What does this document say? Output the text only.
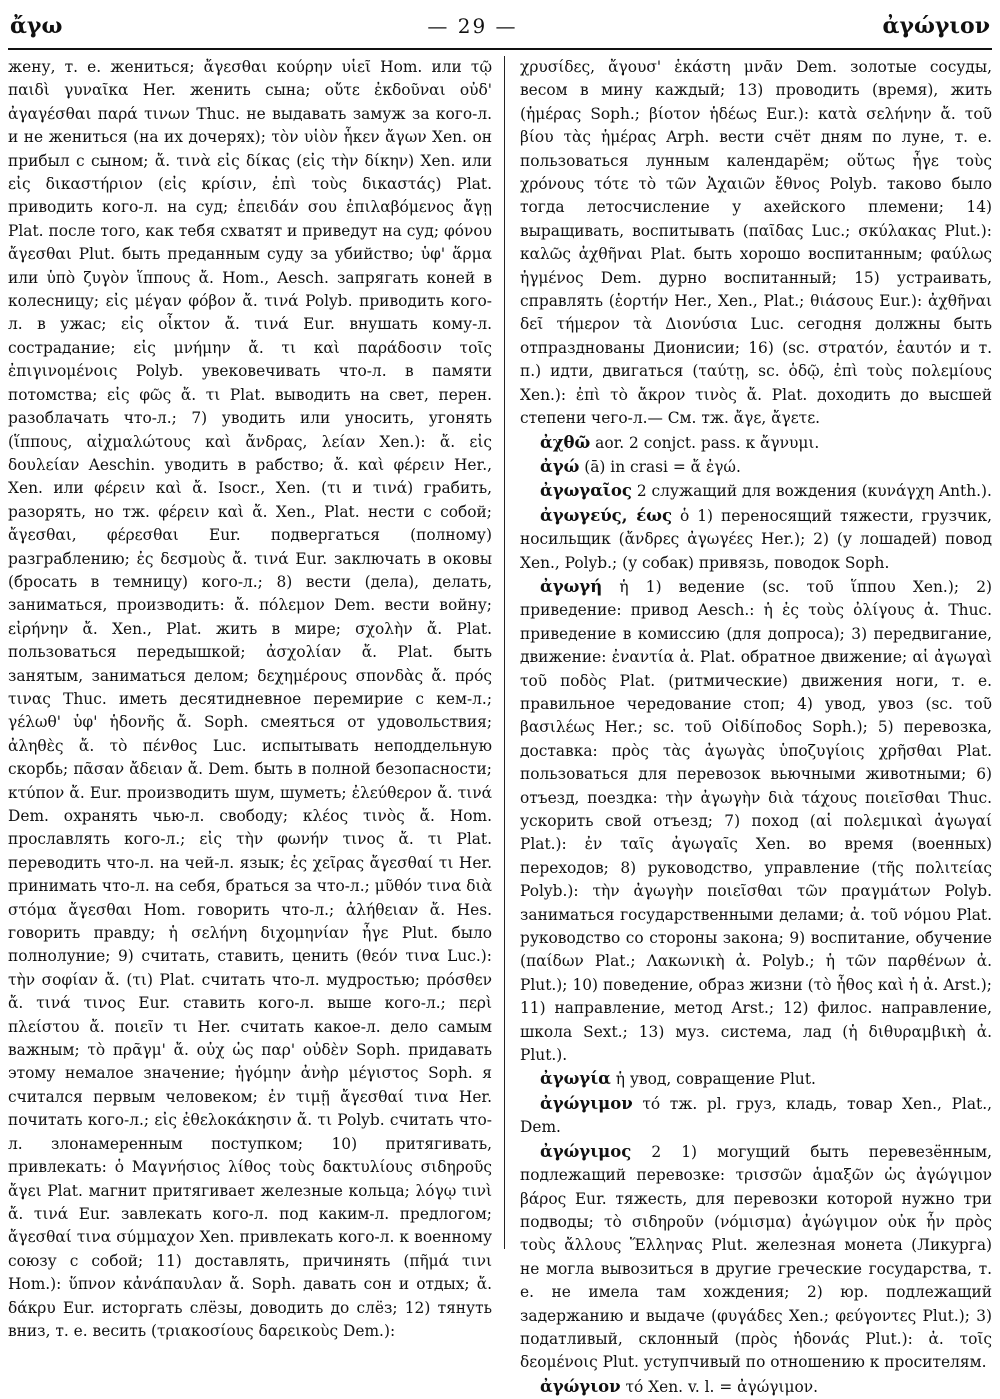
ἄγω	— 29 —	ἀγώγιον

жену, т. е. жениться; ἄγεσθαι κούρην υἱεῖ Hom. или τῷ παιδὶ γυναῖκα Her. женить сына; οὔτε ἐκδοῦναι οὐδ' ἀγαγέσθαι παρά τινων Thuc. не выдавать замуж за кого-л. и не жениться (на их дочерях); τὸν υἱὸν ἧκεν ἄγων Xen. он прибыл с сыном; ἄ. τινὰ εἰς δίκας (εἰς τὴν δίκην) Xen. или εἰς δικαστήριον (εἰς κρίσιν, ἐπὶ τοὺς δικαστάς) Plat. приводить кого-л. на суд; ἐπειδάν σου ἐπιλαβόμενος ἄγῃ Plat. после того, как тебя схватят и приведут на суд; φόνου ἄγεσθαι Plut. быть преданным суду за убийство; ὑφ' ἅρμα или ὑπὸ ζυγὸν ἵππους ἄ. Hom., Aesch. запрягать коней в колесницу; εἰς μέγαν φόβον ἄ. τινά Polyb. приводить кого-л. в ужас; εἰς οἶκτον ἄ. τινά Eur. внушать кому-л. сострадание; εἰς μνήμην ἄ. τι καὶ παράδοσιν τοῖς ἐπιγινομένοις Polyb. увековечивать что-л. в памяти потомства; εἰς φῶς ἄ. τι Plat. выводить на свет, перен. разоблачать что-л.; 7) уводить или уносить, угонять (ἵππους, αἰχμαλώτους καὶ ἄνδρας, λείαν Xen.): ἄ. εἰς δουλείαν Aeschin. уводить в рабство; ἄ. καὶ φέρειν Her., Xen. или φέρειν καὶ ἄ. Isocr., Xen. (τι и τινά) грабить, разорять, но тж. φέρειν καὶ ἄ. Xen., Plat. нести с собой; ἄγεσθαι, φέρεσθαι Eur. подвергаться (полному) разграблению; ἐς δεσμοὺς ἄ. τινά Eur. заключать в оковы (бросать в темницу) кого-л.; 8) вести (дела), делать, заниматься, производить: ἄ. πόλεμον Dem. вести войну; εἰρήνην ἄ. Xen., Plat. жить в мире; σχολὴν ἄ. Plat. пользоваться передышкой; ἀσχολίαν ἄ. Plat. быть занятым, заниматься делом; δεχημέρους σπονδὰς ἄ. πρός τινας Thuc. иметь десятидневное перемирие с кем-л.; γέλωθ' ὑφ' ἡδονῆς ἄ. Soph. смеяться от удовольствия; ἀληθὲς ἄ. τὸ πένθος Luc. испытывать неподдельную скорбь; πᾶσαν ἄδειαν ἄ. Dem. быть в полной безопасности; κτύπον ἄ. Eur. производить шум, шуметь; ἐλεύθερον ἄ. τινά Dem. охранять чью-л. свободу; κλέος τινὸς ἄ. Hom. прославлять кого-л.; εἰς τὴν φωνήν τινος ἄ. τι Plat. переводить что-л. на чей-л. язык; ἐς χεῖρας ἄγεσθαί τι Her. принимать что-л. на себя, браться за что-л.; μῦθόν τινα διὰ στόμα ἄγεσθαι Hom. говорить что-л.; ἀλήθειαν ἄ. Hes. говорить правду; ἡ σελήνη διχομηνίαν ἦγε Plut. было полнолуние; 9) считать, ставить, ценить (θεόν τινα Luc.): τὴν σοφίαν ἄ. (τι) Plat. считать что-л. мудростью; πρόσθεν ἄ. τινά τινος Eur. ставить кого-л. выше кого-л.; περὶ πλείστου ἄ. ποιεῖν τι Her. считать какое-л. дело самым важным; τὸ πρᾶγμ' ἄ. οὐχ ὡς παρ' οὐδὲν Soph. придавать этому немалое значение; ἡγόμην ἀνὴρ μέγιστος Soph. я считался первым человеком; ἐν τιμῇ ἄγεσθαί τινα Her. почитать кого-л.; εἰς ἐθελοκάκησιν ἄ. τι Polyb. считать что-л. злонамеренным поступком; 10) притягивать, привлекать: ὁ Μαγνήσιος λίθος τοὺς δακτυλίους σιδηροῦς ἄγει Plat. магнит притягивает железные кольца; λόγῳ τινὶ ἄ. τινά Eur. завлекать кого-л. под каким-л. предлогом; ἄγεσθαί τινα σύμμαχον Xen. привлекать кого-л. к военному союзу с собой; 11) доставлять, причинять (πῆμά τινι Hom.): ὕπνον κἀνάπαυλαν ἄ. Soph. давать сон и отдых; ἄ. δάκρυ Eur. исторгать слёзы, доводить до слёз; 12) тянуть вниз, т. е. весить (τριακοσίους δαρεικοὺς Dem.):

χρυσίδες, ἄγουσ' ἑκάστη μνᾶν Dem. золотые сосуды, весом в мину каждый; 13) проводить (время), жить (ἡμέρας Soph.; βίοτον ἡδέως Eur.): κατὰ σελήνην ἄ. τοῦ βίου τὰς ἡμέρας Arph. вести счёт дням по луне, т. е. пользоваться лунным календарём; οὕτως ἦγε τοὺς χρόνους τότε τὸ τῶν Ἀχαιῶν ἔθνος Polyb. таково было тогда летосчисление у ахейского племени; 14) выращивать, воспитывать (παῖδας Luc.; σκύλακας Plut.): καλῶς ἀχθῆναι Plat. быть хорошо воспитанным; φαύλως ἠγμένος Dem. дурно воспитанный; 15) устраивать, справлять (ἑορτήν Her., Xen., Plat.; θιάσους Eur.): ἀχθῆναι δεῖ τήμερον τὰ Διονύσια Luc. сегодня должны быть отпразднованы Дионисии; 16) (sc. στρατόν, ἑαυτόν и т. п.) идти, двигаться (ταύτῃ, sc. ὁδῷ, ἐπὶ τοὺς πολεμίους Xen.): ἐπὶ τὸ ἄκρον τινὸς ἄ. Plat. доходить до высшей степени чего-л.— См. тж. ἄγε, ἄγετε.

ἀχθῶ aor. 2 conjct. pass. к ἄγνυμι.

ἀγώ (ā) in crasi = ἄ ἐγώ.

ἀγωγαῖος 2 служащий для вождения (κυνάγχη Anth.).

ἀγωγεύς, έως ὁ 1) переносящий тяжести, грузчик, носильщик (ἄνδρες ἀγωγέες Her.); 2) (у лошадей) повод Xen., Polyb.; (у собак) привязь, поводок Soph.

ἀγωγή ἡ 1) ведение (sc. τοῦ ἵππου Xen.); 2) приведение: привод Aesch.: ἡ ἐς τοὺς ὀλίγους ἀ. Thuc. приведение в комиссию (для допроса); 3) передвигание, движение: ἐναντία ἀ. Plat. обратное движение; αἱ ἀγωγαὶ τοῦ ποδὸς Plat. (ритмические) движения ноги, т. е. правильное чередование стоп; 4) увод, увоз (sc. τοῦ βασιλέως Her.; sc. τοῦ Οἰδίποδος Soph.); 5) перевозка, доставка: πρὸς τὰς ἀγωγὰς ὑποζυγίοις χρῆσθαι Plat. пользоваться для перевозок вьючными животными; 6) отъезд, поездка: τὴν ἀγωγὴν διὰ τάχους ποιεῖσθαι Thuc. ускорить свой отъезд; 7) поход (αἱ πολεμικαὶ ἀγωγαί Plat.): ἐν ταῖς ἀγωγαῖς Xen. во время (военных) переходов; 8) руководство, управление (τῆς πολιτείας Polyb.): τὴν ἀγωγὴν ποιεῖσθαι τῶν πραγμάτων Polyb. заниматься государственными делами; ἀ. τοῦ νόμου Plat. руководство со стороны закона; 9) воспитание, обучение (παίδων Plat.; Λακωνικὴ ἀ. Polyb.; ἡ τῶν παρθένων ἀ. Plut.); 10) поведение, образ жизни (τὸ ἦθος καὶ ἡ ἀ. Arst.); 11) направление, метод Arst.; 12) филос. направление, школа Sext.; 13) муз. система, лад (ἡ διθυραμβικὴ ἀ. Plut.).

ἀγωγία ἡ увод, совращение Plut.

ἀγώγιμον τό тж. pl. груз, кладь, товар Xen., Plat., Dem.

ἀγώγιμος 2 1) могущий быть перевезённым, подлежащий перевозке: τρισσῶν ἁμαξῶν ὡς ἀγώγιμον βάρος Eur. тяжесть, для перевозки которой нужно три подводы; τὸ σιδηροῦν (νόμισμα) ἀγώγιμον οὐκ ἦν πρὸς τοὺς ἄλλους Ἕλληνας Plut. железная монета (Ликурга) не могла вывозиться в другие греческие государства, т. е. не имела там хождения; 2) юр. подлежащий задержанию и выдаче (φυγάδες Xen.; φεύγοντες Plut.); 3) податливый, склонный (πρὸς ἡδονάς Plut.): ἀ. τοῖς δεομένοις Plut. уступчивый по отношению к просителям.

ἀγώγιον τό Xen. v. l. = ἀγώγιμον.
